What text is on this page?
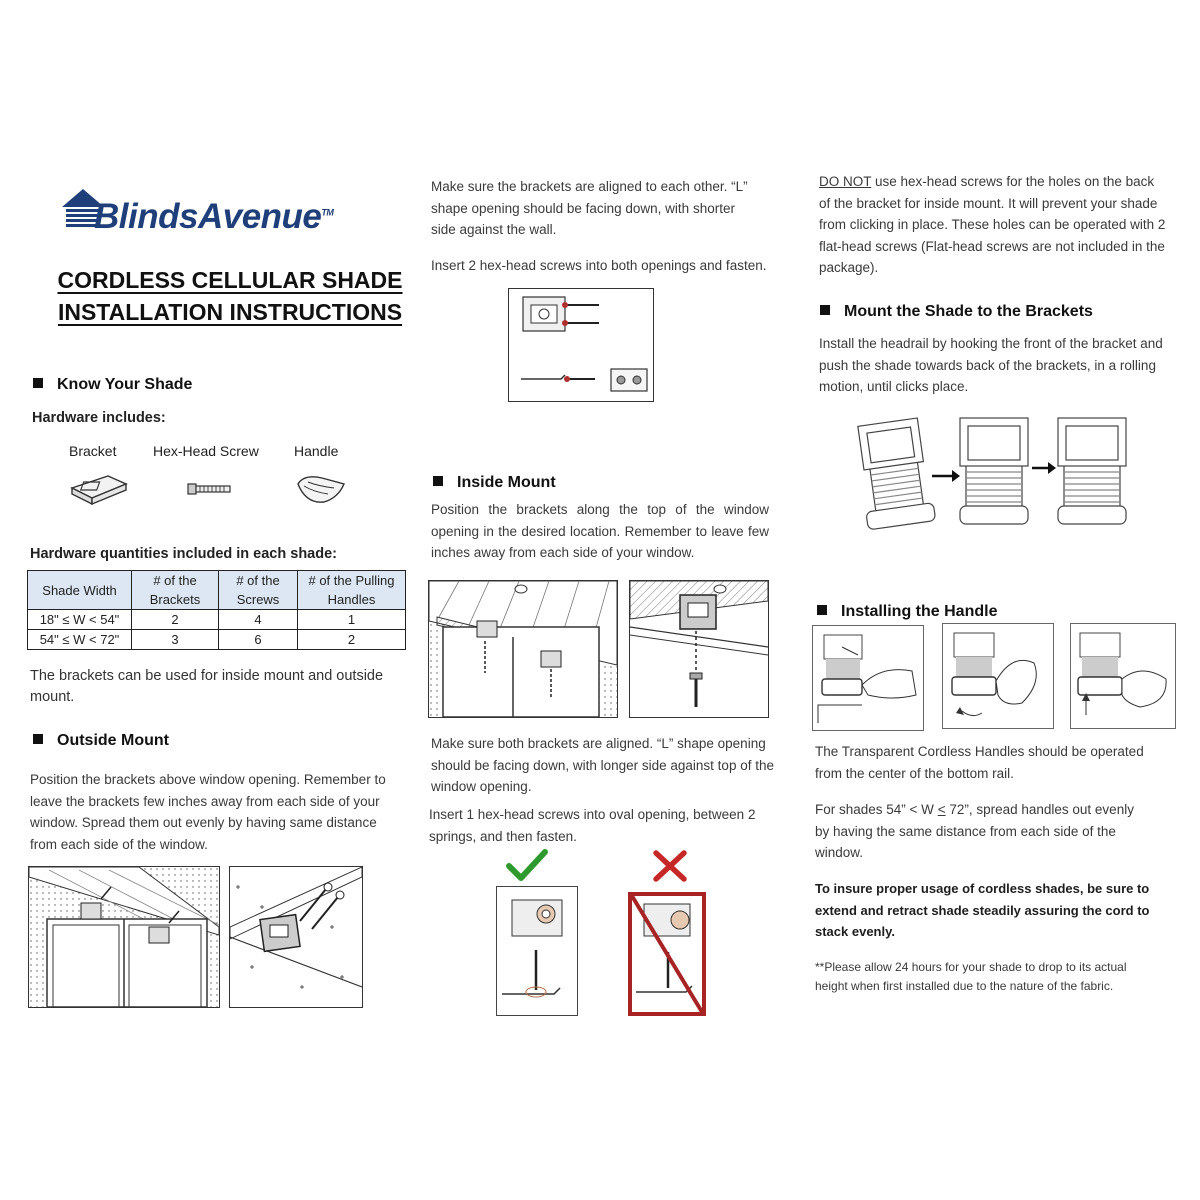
BlindsAvenue™
CORDLESS CELLULAR SHADE
INSTALLATION INSTRUCTIONS
Know Your Shade
Hardware includes:
Bracket	Hex-Head Screw	Handle
Hardware quantities included in each shade:
Shade Width	# of the Brackets	# of the Screws	# of the Pulling Handles
18" ≤ W < 54"	2	4	1
54" ≤ W < 72"	3	6	2
The brackets can be used for inside mount and outside mount.
Outside Mount
Position the brackets above window opening. Remember to leave the brackets few inches away from each side of your window. Spread them out evenly by having same distance from each side of the window.
Make sure the brackets are aligned to each other. “L” shape opening should be facing down, with shorter side against the wall.
Insert 2 hex-head screws into both openings and fasten.
Inside Mount
Position the brackets along the top of the window opening in the desired location. Remember to leave few inches away from each side of your window.
Make sure both brackets are aligned. “L” shape opening should be facing down, with longer side against top of the window opening.
Insert 1 hex-head screws into oval opening, between 2 springs, and then fasten.
DO NOT use hex-head screws for the holes on the back of the bracket for inside mount. It will prevent your shade from clicking in place. These holes can be operated with 2 flat-head screws (Flat-head screws are not included in the package).
Mount the Shade to the Brackets
Install the headrail by hooking the front of the bracket and push the shade towards back of the brackets, in a rolling motion, until clicks place.
Installing the Handle
The Transparent Cordless Handles should be operated from the center of the bottom rail.
For shades 54” < W < 72”, spread handles out evenly by having the same distance from each side of the window.
To insure proper usage of cordless shades, be sure to extend and retract shade steadily assuring the cord to stack evenly.
**Please allow 24 hours for your shade to drop to its actual height when first installed due to the nature of the fabric.
